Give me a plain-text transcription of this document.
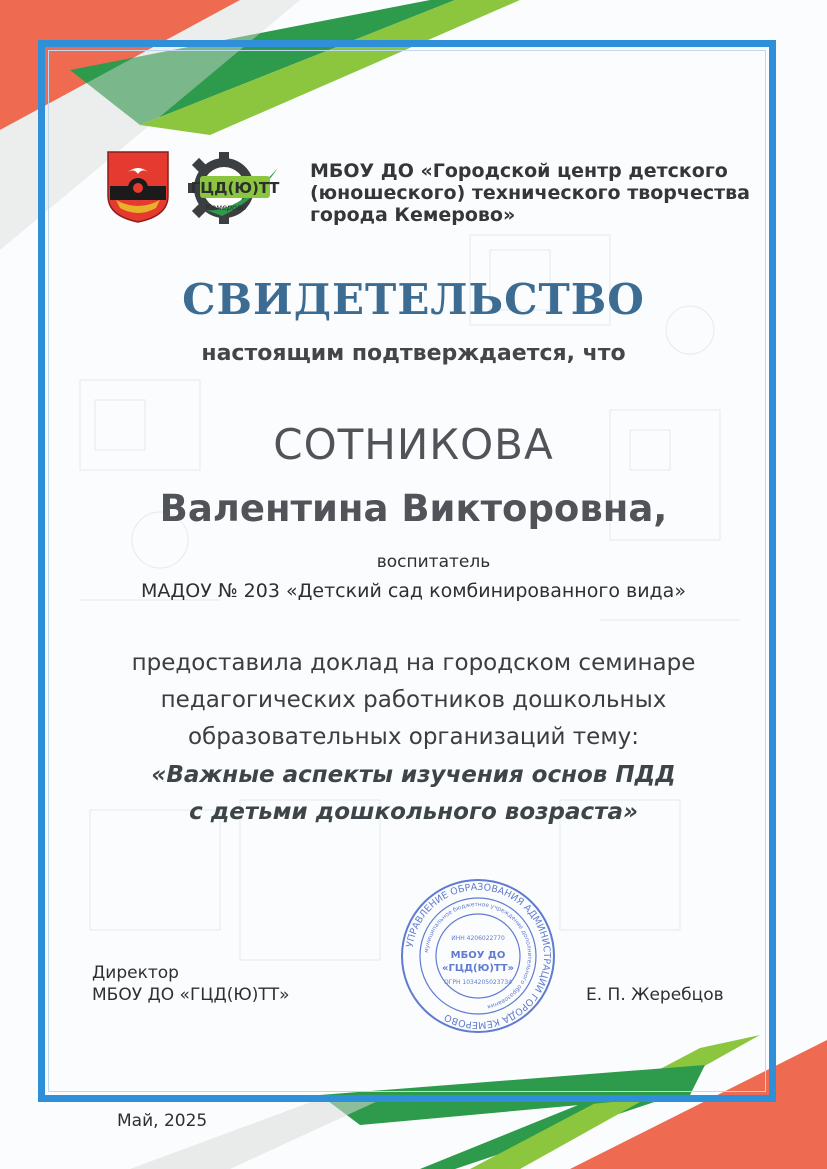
ГЦД(Ю)ТТ
Кемерово
МБОУ ДО «Городской центр детского
(юношеского) технического творчества
города Кемерово»
СВИДЕТЕЛЬСТВО
настоящим подтверждается, что
СОТНИКОВА
Валентина Викторовна,
воспитатель
МАДОУ № 203 «Детский сад комбинированного вида»
предоставила доклад на городском семинаре
педагогических работников дошкольных
образовательных организаций тему:
«Важные аспекты изучения основ ПДД
с детьми дошкольного возраста»
УПРАВЛЕНИЕ ОБРАЗОВАНИЯ АДМИНИСТРАЦИИ ГОРОДА КЕМЕРОВО
муниципальное бюджетное учреждение дополнительного образования
ИНН 4206022770
МБОУ ДО
«ГЦД(Ю)ТТ»
ОГРН 1034205023734
Директор
МБОУ ДО «ГЦД(Ю)ТТ»	Е. П. Жеребцов
Май, 2025
